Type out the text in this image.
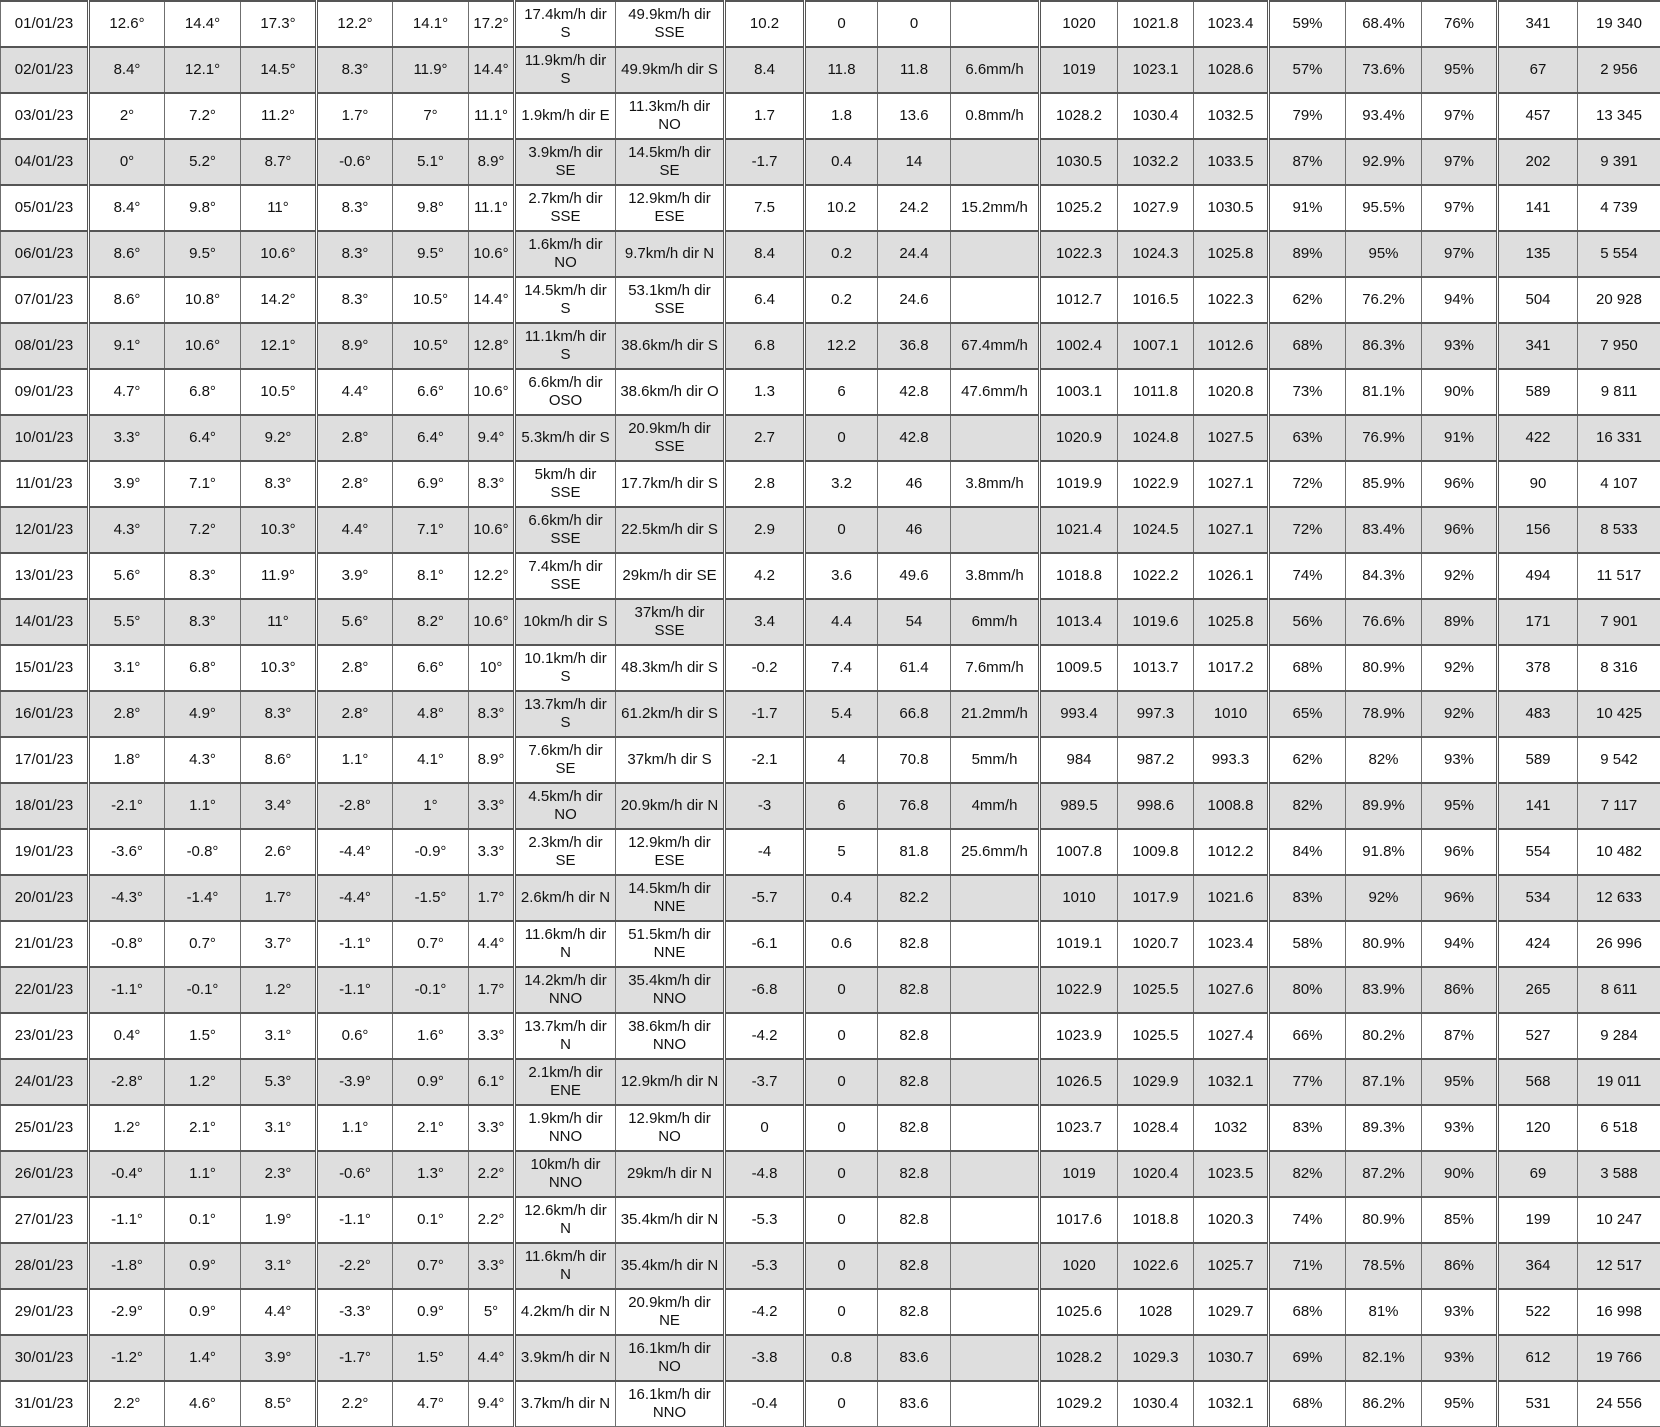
01/01/23	12.6°	14.4°	17.3°	12.2°	14.1°	17.2°	17.4km/h dir S	49.9km/h dir SSE	10.2	0	0		1020	1021.8	1023.4	59%	68.4%	76%	341	19 340
02/01/23	8.4°	12.1°	14.5°	8.3°	11.9°	14.4°	11.9km/h dir S	49.9km/h dir S	8.4	11.8	11.8	6.6mm/h	1019	1023.1	1028.6	57%	73.6%	95%	67	2 956
03/01/23	2°	7.2°	11.2°	1.7°	7°	11.1°	1.9km/h dir E	11.3km/h dir NO	1.7	1.8	13.6	0.8mm/h	1028.2	1030.4	1032.5	79%	93.4%	97%	457	13 345
04/01/23	0°	5.2°	8.7°	-0.6°	5.1°	8.9°	3.9km/h dir SE	14.5km/h dir SE	-1.7	0.4	14		1030.5	1032.2	1033.5	87%	92.9%	97%	202	9 391
05/01/23	8.4°	9.8°	11°	8.3°	9.8°	11.1°	2.7km/h dir SSE	12.9km/h dir ESE	7.5	10.2	24.2	15.2mm/h	1025.2	1027.9	1030.5	91%	95.5%	97%	141	4 739
06/01/23	8.6°	9.5°	10.6°	8.3°	9.5°	10.6°	1.6km/h dir NO	9.7km/h dir N	8.4	0.2	24.4		1022.3	1024.3	1025.8	89%	95%	97%	135	5 554
07/01/23	8.6°	10.8°	14.2°	8.3°	10.5°	14.4°	14.5km/h dir S	53.1km/h dir SSE	6.4	0.2	24.6		1012.7	1016.5	1022.3	62%	76.2%	94%	504	20 928
08/01/23	9.1°	10.6°	12.1°	8.9°	10.5°	12.8°	11.1km/h dir S	38.6km/h dir S	6.8	12.2	36.8	67.4mm/h	1002.4	1007.1	1012.6	68%	86.3%	93%	341	7 950
09/01/23	4.7°	6.8°	10.5°	4.4°	6.6°	10.6°	6.6km/h dir OSO	38.6km/h dir O	1.3	6	42.8	47.6mm/h	1003.1	1011.8	1020.8	73%	81.1%	90%	589	9 811
10/01/23	3.3°	6.4°	9.2°	2.8°	6.4°	9.4°	5.3km/h dir S	20.9km/h dir SSE	2.7	0	42.8		1020.9	1024.8	1027.5	63%	76.9%	91%	422	16 331
11/01/23	3.9°	7.1°	8.3°	2.8°	6.9°	8.3°	5km/h dir SSE	17.7km/h dir S	2.8	3.2	46	3.8mm/h	1019.9	1022.9	1027.1	72%	85.9%	96%	90	4 107
12/01/23	4.3°	7.2°	10.3°	4.4°	7.1°	10.6°	6.6km/h dir SSE	22.5km/h dir S	2.9	0	46		1021.4	1024.5	1027.1	72%	83.4%	96%	156	8 533
13/01/23	5.6°	8.3°	11.9°	3.9°	8.1°	12.2°	7.4km/h dir SSE	29km/h dir SE	4.2	3.6	49.6	3.8mm/h	1018.8	1022.2	1026.1	74%	84.3%	92%	494	11 517
14/01/23	5.5°	8.3°	11°	5.6°	8.2°	10.6°	10km/h dir S	37km/h dir SSE	3.4	4.4	54	6mm/h	1013.4	1019.6	1025.8	56%	76.6%	89%	171	7 901
15/01/23	3.1°	6.8°	10.3°	2.8°	6.6°	10°	10.1km/h dir S	48.3km/h dir S	-0.2	7.4	61.4	7.6mm/h	1009.5	1013.7	1017.2	68%	80.9%	92%	378	8 316
16/01/23	2.8°	4.9°	8.3°	2.8°	4.8°	8.3°	13.7km/h dir S	61.2km/h dir S	-1.7	5.4	66.8	21.2mm/h	993.4	997.3	1010	65%	78.9%	92%	483	10 425
17/01/23	1.8°	4.3°	8.6°	1.1°	4.1°	8.9°	7.6km/h dir SE	37km/h dir S	-2.1	4	70.8	5mm/h	984	987.2	993.3	62%	82%	93%	589	9 542
18/01/23	-2.1°	1.1°	3.4°	-2.8°	1°	3.3°	4.5km/h dir NO	20.9km/h dir N	-3	6	76.8	4mm/h	989.5	998.6	1008.8	82%	89.9%	95%	141	7 117
19/01/23	-3.6°	-0.8°	2.6°	-4.4°	-0.9°	3.3°	2.3km/h dir SE	12.9km/h dir ESE	-4	5	81.8	25.6mm/h	1007.8	1009.8	1012.2	84%	91.8%	96%	554	10 482
20/01/23	-4.3°	-1.4°	1.7°	-4.4°	-1.5°	1.7°	2.6km/h dir N	14.5km/h dir NNE	-5.7	0.4	82.2		1010	1017.9	1021.6	83%	92%	96%	534	12 633
21/01/23	-0.8°	0.7°	3.7°	-1.1°	0.7°	4.4°	11.6km/h dir N	51.5km/h dir NNE	-6.1	0.6	82.8		1019.1	1020.7	1023.4	58%	80.9%	94%	424	26 996
22/01/23	-1.1°	-0.1°	1.2°	-1.1°	-0.1°	1.7°	14.2km/h dir NNO	35.4km/h dir NNO	-6.8	0	82.8		1022.9	1025.5	1027.6	80%	83.9%	86%	265	8 611
23/01/23	0.4°	1.5°	3.1°	0.6°	1.6°	3.3°	13.7km/h dir N	38.6km/h dir NNO	-4.2	0	82.8		1023.9	1025.5	1027.4	66%	80.2%	87%	527	9 284
24/01/23	-2.8°	1.2°	5.3°	-3.9°	0.9°	6.1°	2.1km/h dir ENE	12.9km/h dir N	-3.7	0	82.8		1026.5	1029.9	1032.1	77%	87.1%	95%	568	19 011
25/01/23	1.2°	2.1°	3.1°	1.1°	2.1°	3.3°	1.9km/h dir NNO	12.9km/h dir NO	0	0	82.8		1023.7	1028.4	1032	83%	89.3%	93%	120	6 518
26/01/23	-0.4°	1.1°	2.3°	-0.6°	1.3°	2.2°	10km/h dir NNO	29km/h dir N	-4.8	0	82.8		1019	1020.4	1023.5	82%	87.2%	90%	69	3 588
27/01/23	-1.1°	0.1°	1.9°	-1.1°	0.1°	2.2°	12.6km/h dir N	35.4km/h dir N	-5.3	0	82.8		1017.6	1018.8	1020.3	74%	80.9%	85%	199	10 247
28/01/23	-1.8°	0.9°	3.1°	-2.2°	0.7°	3.3°	11.6km/h dir N	35.4km/h dir N	-5.3	0	82.8		1020	1022.6	1025.7	71%	78.5%	86%	364	12 517
29/01/23	-2.9°	0.9°	4.4°	-3.3°	0.9°	5°	4.2km/h dir N	20.9km/h dir NE	-4.2	0	82.8		1025.6	1028	1029.7	68%	81%	93%	522	16 998
30/01/23	-1.2°	1.4°	3.9°	-1.7°	1.5°	4.4°	3.9km/h dir N	16.1km/h dir NO	-3.8	0.8	83.6		1028.2	1029.3	1030.7	69%	82.1%	93%	612	19 766
31/01/23	2.2°	4.6°	8.5°	2.2°	4.7°	9.4°	3.7km/h dir N	16.1km/h dir NNO	-0.4	0	83.6		1029.2	1030.4	1032.1	68%	86.2%	95%	531	24 556
